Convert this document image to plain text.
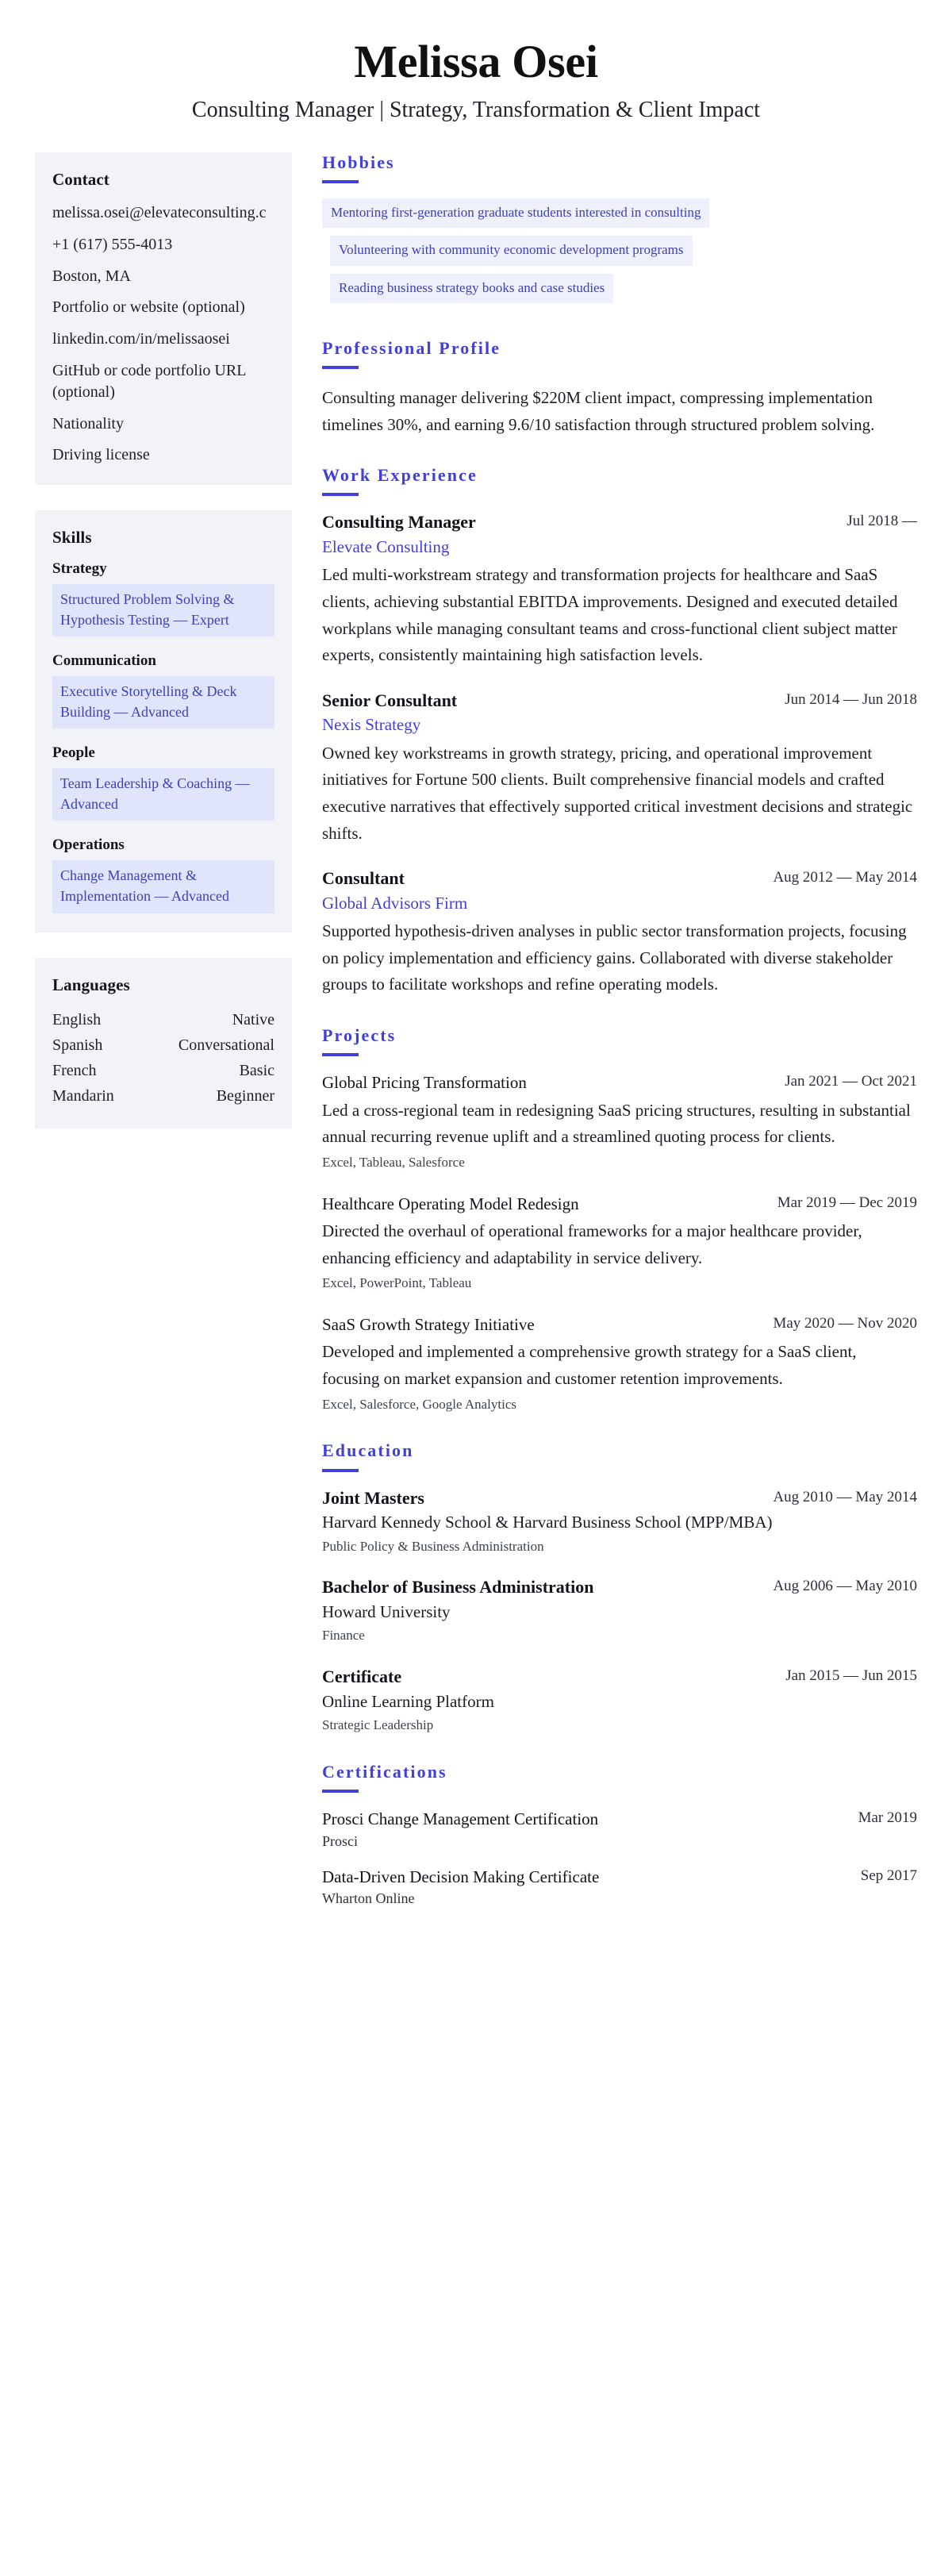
Melissa Osei
Consulting Manager | Strategy, Transformation & Client Impact
Contact
melissa.osei@elevateconsulting.c
+1 (617) 555-4013
Boston, MA
Portfolio or website (optional)
linkedin.com/in/melissaosei
GitHub or code portfolio URL (optional)
Nationality
Driving license
Skills
Strategy
Structured Problem Solving & Hypothesis Testing — Expert
Communication
Executive Storytelling & Deck Building — Advanced
People
Team Leadership & Coaching — Advanced
Operations
Change Management & Implementation — Advanced
Languages
English	Native
Spanish	Conversational
French	Basic
Mandarin	Beginner
Hobbies
Mentoring first-generation graduate students interested in consulting
Volunteering with community economic development programs
Reading business strategy books and case studies
Professional Profile
Consulting manager delivering $220M client impact, compressing implementation timelines 30%, and earning 9.6/10 satisfaction through structured problem solving.
Work Experience
Consulting Manager	Jul 2018 —
Elevate Consulting
Led multi-workstream strategy and transformation projects for healthcare and SaaS clients, achieving substantial EBITDA improvements. Designed and executed detailed workplans while managing consultant teams and cross-functional client subject matter experts, consistently maintaining high satisfaction levels.
Senior Consultant	Jun 2014 — Jun 2018
Nexis Strategy
Owned key workstreams in growth strategy, pricing, and operational improvement initiatives for Fortune 500 clients. Built comprehensive financial models and crafted executive narratives that effectively supported critical investment decisions and strategic shifts.
Consultant	Aug 2012 — May 2014
Global Advisors Firm
Supported hypothesis-driven analyses in public sector transformation projects, focusing on policy implementation and efficiency gains. Collaborated with diverse stakeholder groups to facilitate workshops and refine operating models.
Projects
Global Pricing Transformation	Jan 2021 — Oct 2021
Led a cross-regional team in redesigning SaaS pricing structures, resulting in substantial annual recurring revenue uplift and a streamlined quoting process for clients.
Excel, Tableau, Salesforce
Healthcare Operating Model Redesign	Mar 2019 — Dec 2019
Directed the overhaul of operational frameworks for a major healthcare provider, enhancing efficiency and adaptability in service delivery.
Excel, PowerPoint, Tableau
SaaS Growth Strategy Initiative	May 2020 — Nov 2020
Developed and implemented a comprehensive growth strategy for a SaaS client, focusing on market expansion and customer retention improvements.
Excel, Salesforce, Google Analytics
Education
Joint Masters	Aug 2010 — May 2014
Harvard Kennedy School & Harvard Business School (MPP/MBA)
Public Policy & Business Administration
Bachelor of Business Administration	Aug 2006 — May 2010
Howard University
Finance
Certificate	Jan 2015 — Jun 2015
Online Learning Platform
Strategic Leadership
Certifications
Prosci Change Management Certification	Mar 2019
Prosci
Data-Driven Decision Making Certificate	Sep 2017
Wharton Online
